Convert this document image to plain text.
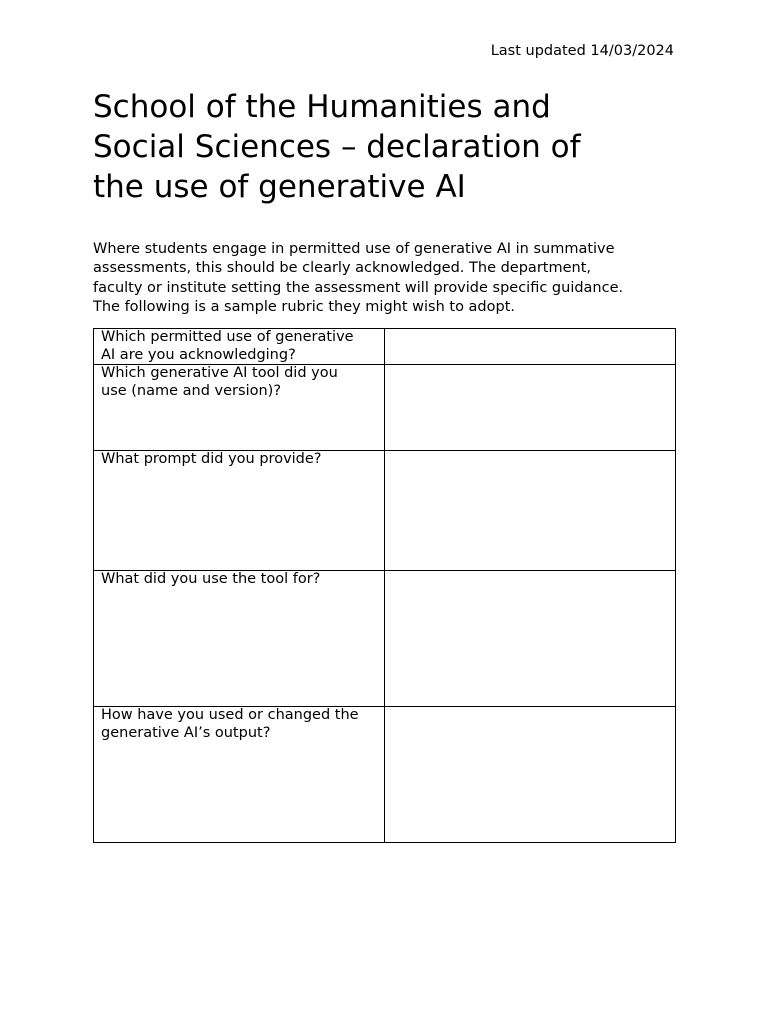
Last updated 14/03/2024
School of the Humanities and
Social Sciences – declaration of
the use of generative AI

Where students engage in permitted use of generative AI in summative
assessments, this should be clearly acknowledged. The department,
faculty or institute setting the assessment will provide specific guidance.
The following is a sample rubric they might wish to adopt.

Which permitted use of generative
AI are you acknowledging?	

Which generative AI tool did you
use (name and version)?	

What prompt did you provide?	

What did you use the tool for?	

How have you used or changed the
generative AI’s output?	
